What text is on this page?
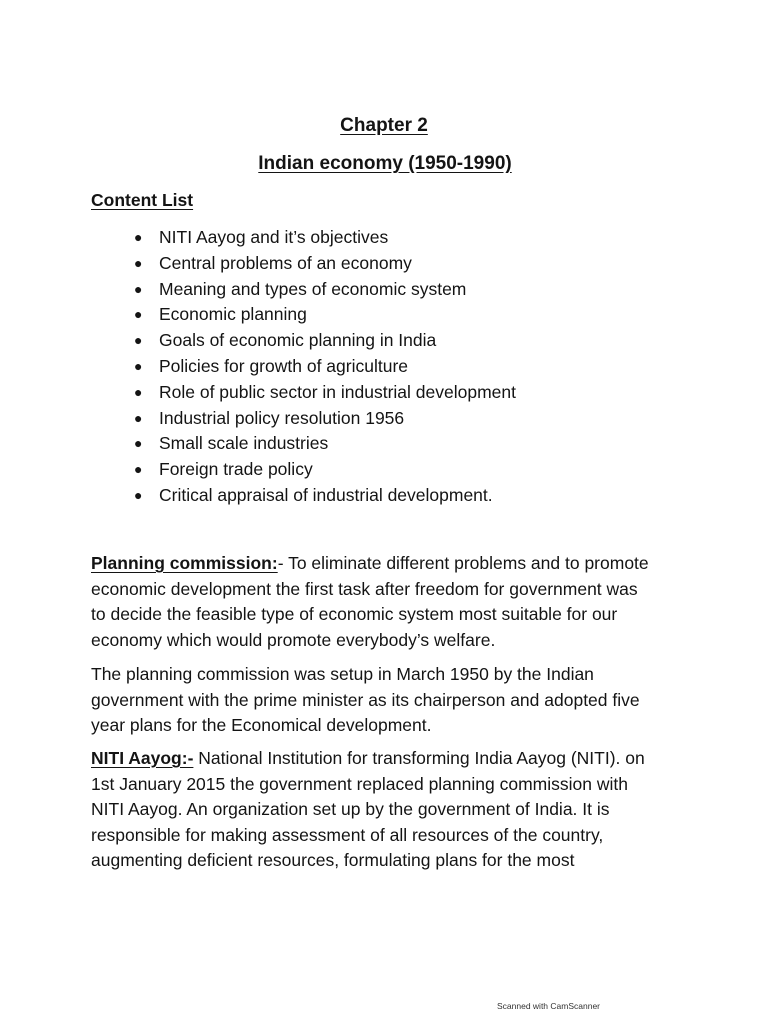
Chapter 2
Indian economy (1950-1990)
Content List
● NITI Aayog and it’s objectives
● Central problems of an economy
● Meaning and types of economic system
● Economic planning
● Goals of economic planning in India
● Policies for growth of agriculture
● Role of public sector in industrial development
● Industrial policy resolution 1956
● Small scale industries
● Foreign trade policy
● Critical appraisal of industrial development.

Planning commission:- To eliminate different problems and to promote
economic development the first task after freedom for government was
to decide the feasible type of economic system most suitable for our
economy which would promote everybody’s welfare.

The planning commission was setup in March 1950 by the Indian
government with the prime minister as its chairperson and adopted five
year plans for the Economical development.

NITI Aayog:- National Institution for transforming India Aayog (NITI). on
1st January 2015 the government replaced planning commission with
NITI Aayog. An organization set up by the government of India. It is
responsible for making assessment of all resources of the country,
augmenting deficient resources, formulating plans for the most

Scanned with CamScanner
